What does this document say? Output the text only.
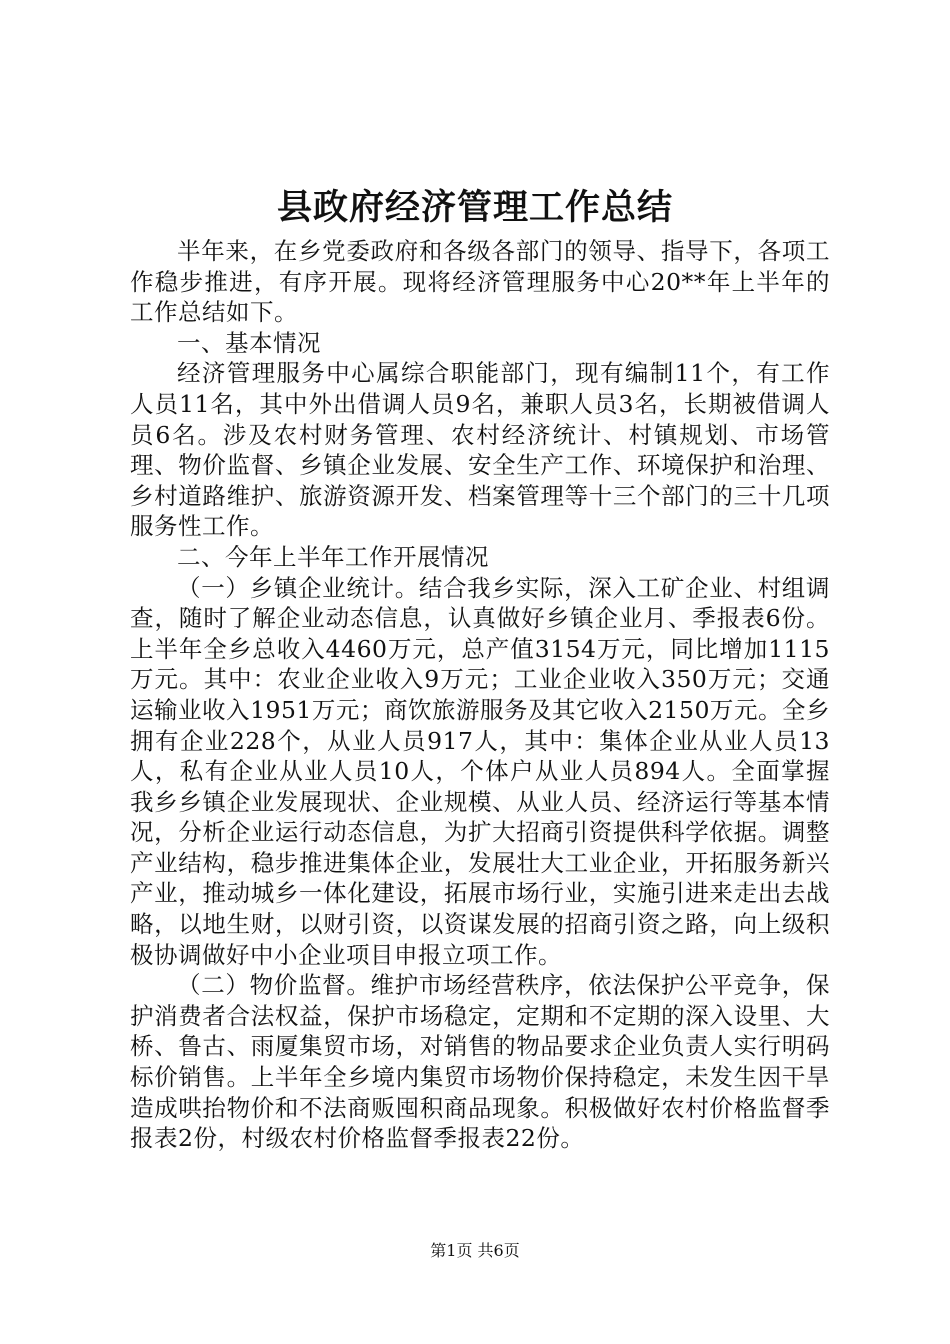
县政府经济管理工作总结

半年来，在乡党委政府和各级各部门的领导、指导下，各项工作稳步推进，有序开展。现将经济管理服务中心20**年上半年的工作总结如下。

一、基本情况

经济管理服务中心属综合职能部门，现有编制11个，有工作人员11名，其中外出借调人员9名，兼职人员3名，长期被借调人员6名。涉及农村财务管理、农村经济统计、村镇规划、市场管理、物价监督、乡镇企业发展、安全生产工作、环境保护和治理、乡村道路维护、旅游资源开发、档案管理等十三个部门的三十几项服务性工作。

二、今年上半年工作开展情况

（一）乡镇企业统计。结合我乡实际，深入工矿企业、村组调查，随时了解企业动态信息，认真做好乡镇企业月、季报表6份。上半年全乡总收入4460万元，总产值3154万元，同比增加1115万元。其中：农业企业收入9万元；工业企业收入350万元；交通运输业收入1951万元；商饮旅游服务及其它收入2150万元。全乡拥有企业228个，从业人员917人，其中：集体企业从业人员13人，私有企业从业人员10人，个体户从业人员894人。全面掌握我乡乡镇企业发展现状、企业规模、从业人员、经济运行等基本情况，分析企业运行动态信息，为扩大招商引资提供科学依据。调整产业结构，稳步推进集体企业，发展壮大工业企业，开拓服务新兴产业，推动城乡一体化建设，拓展市场行业，实施引进来走出去战略，以地生财，以财引资，以资谋发展的招商引资之路，向上级积极协调做好中小企业项目申报立项工作。

（二）物价监督。维护市场经营秩序，依法保护公平竞争，保护消费者合法权益，保护市场稳定，定期和不定期的深入设里、大桥、鲁古、雨厦集贸市场，对销售的物品要求企业负责人实行明码标价销售。上半年全乡境内集贸市场物价保持稳定，未发生因干旱造成哄抬物价和不法商贩囤积商品现象。积极做好农村价格监督季报表2份，村级农村价格监督季报表22份。

第1页 共6页
